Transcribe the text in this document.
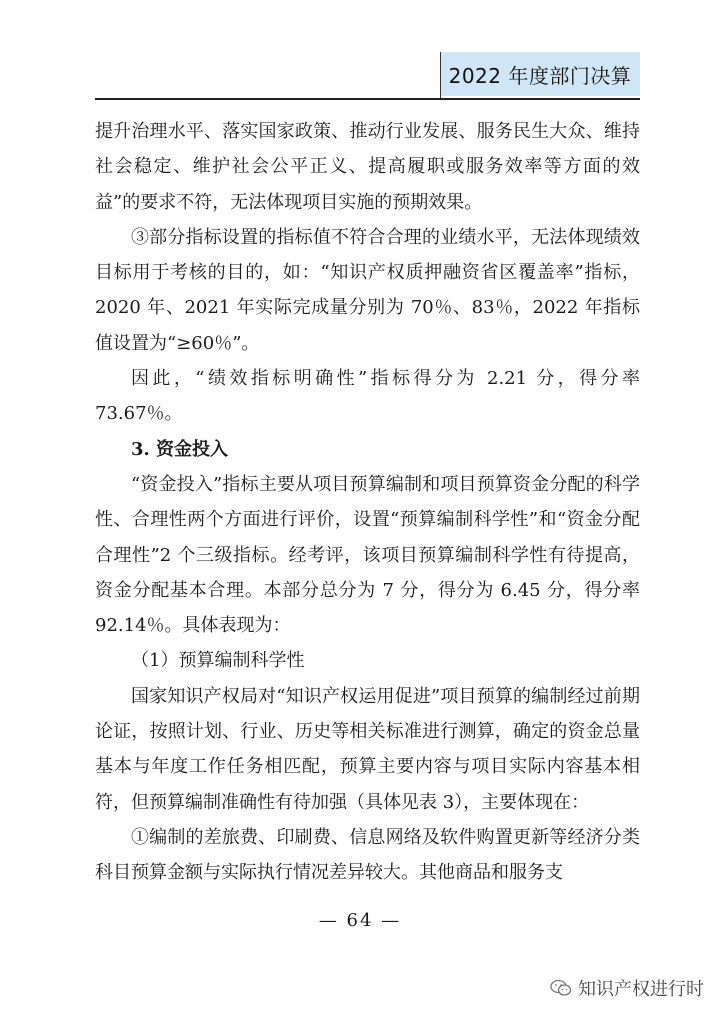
2022 年度部门决算

提升治理水平、落实国家政策、推动行业发展、服务民生大众、维持社会稳定、维护社会公平正义、提高履职或服务效率等方面的效益”的要求不符，无法体现项目实施的预期效果。

③部分指标设置的指标值不符合合理的业绩水平，无法体现绩效目标用于考核的目的，如：“知识产权质押融资省区覆盖率”指标，2020 年、2021 年实际完成量分别为 70％、83％，2022 年指标值设置为“≥60％”。

因此，“绩效指标明确性”指标得分为 2.21 分，得分率 73.67％。

3. 资金投入

“资金投入”指标主要从项目预算编制和项目预算资金分配的科学性、合理性两个方面进行评价，设置“预算编制科学性”和“资金分配合理性”2 个三级指标。经考评，该项目预算编制科学性有待提高，资金分配基本合理。本部分总分为 7 分，得分为 6.45 分，得分率 92.14％。具体表现为：

（1）预算编制科学性

国家知识产权局对“知识产权运用促进”项目预算的编制经过前期论证，按照计划、行业、历史等相关标准进行测算，确定的资金总量基本与年度工作任务相匹配，预算主要内容与项目实际内容基本相符，但预算编制准确性有待加强（具体见表 3），主要体现在：

①编制的差旅费、印刷费、信息网络及软件购置更新等经济分类科目预算金额与实际执行情况差异较大。其他商品和服务支

— 64 —
知识产权进行时
